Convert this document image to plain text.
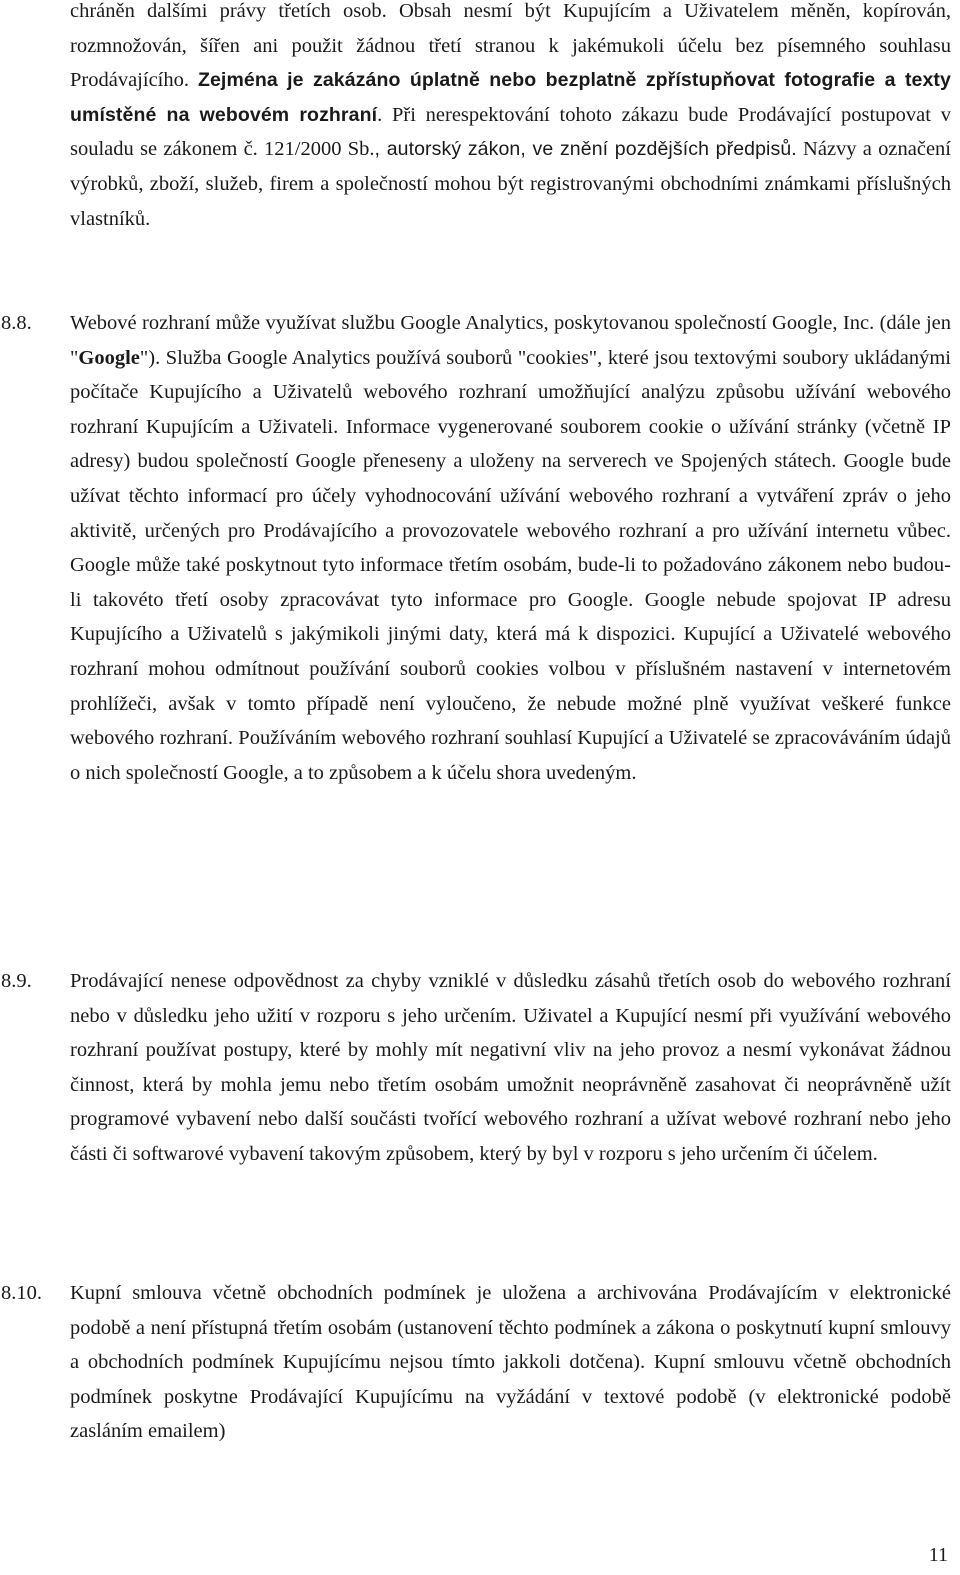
chráněn dalšími právy třetích osob. Obsah nesmí být Kupujícím a Uživatelem měněn, kopírován, rozmnožován, šířen ani použit žádnou třetí stranou k jakémukoli účelu bez písemného souhlasu Prodávajícího. Zejména je zakázáno úplatně nebo bezplatně zpřístupňovat fotografie a texty umístěné na webovém rozhraní. Při nerespektování tohoto zákazu bude Prodávající postupovat v souladu se zákonem č. 121/2000 Sb., autorský zákon, ve znění pozdějších předpisů. Názvy a označení výrobků, zboží, služeb, firem a společností mohou být registrovanými obchodními známkami příslušných vlastníků.

8.8. Webové rozhraní může využívat službu Google Analytics, poskytovanou společností Google, Inc. (dále jen "Google"). Služba Google Analytics používá souborů "cookies", které jsou textovými soubory ukládanými počítače Kupujícího a Uživatelů webového rozhraní umožňující analýzu způsobu užívání webového rozhraní Kupujícím a Uživateli. Informace vygenerované souborem cookie o užívání stránky (včetně IP adresy) budou společností Google přeneseny a uloženy na serverech ve Spojených státech. Google bude užívat těchto informací pro účely vyhodnocování užívání webového rozhraní a vytváření zpráv o jeho aktivitě, určených pro Prodávajícího a provozovatele webového rozhraní a pro užívání internetu vůbec. Google může také poskytnout tyto informace třetím osobám, bude-li to požadováno zákonem nebo budou-li takovéto třetí osoby zpracovávat tyto informace pro Google. Google nebude spojovat IP adresu Kupujícího a Uživatelů s jakýmikoli jinými daty, která má k dispozici. Kupující a Uživatelé webového rozhraní mohou odmítnout používání souborů cookies volbou v příslušném nastavení v internetovém prohlížeči, avšak v tomto případě není vyloučeno, že nebude možné plně využívat veškeré funkce webového rozhraní. Používáním webového rozhraní souhlasí Kupující a Uživatelé se zpracováváním údajů o nich společností Google, a to způsobem a k účelu shora uvedeným.

8.9. Prodávající nenese odpovědnost za chyby vzniklé v důsledku zásahů třetích osob do webového rozhraní nebo v důsledku jeho užití v rozporu s jeho určením. Uživatel a Kupující nesmí při využívání webového rozhraní používat postupy, které by mohly mít negativní vliv na jeho provoz a nesmí vykonávat žádnou činnost, která by mohla jemu nebo třetím osobám umožnit neoprávněně zasahovat či neoprávněně užít programové vybavení nebo další součásti tvořící webového rozhraní a užívat webové rozhraní nebo jeho části či softwarové vybavení takovým způsobem, který by byl v rozporu s jeho určením či účelem.

8.10. Kupní smlouva včetně obchodních podmínek je uložena a archivována Prodávajícím v elektronické podobě a není přístupná třetím osobám (ustanovení těchto podmínek a zákona o poskytnutí kupní smlouvy a obchodních podmínek Kupujícímu nejsou tímto jakkoli dotčena). Kupní smlouvu včetně obchodních podmínek poskytne Prodávající Kupujícímu na vyžádání v textové podobě (v elektronické podobě zasláním emailem)

11
